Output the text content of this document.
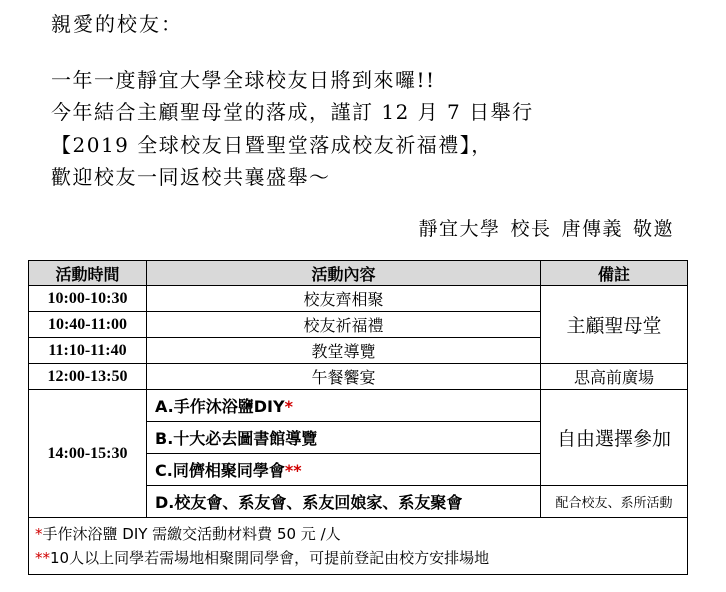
親愛的校友：
一年一度靜宜大學全球校友日將到來囉!!
今年結合主顧聖母堂的落成，謹訂 12 月 7 日舉行
【2019 全球校友日暨聖堂落成校友祈福禮】，
歡迎校友一同返校共襄盛舉～
靜宜大學 校長 唐傳義 敬邀
活動時間	活動內容	備註
10:00-10:30	校友齊相聚	主顧聖母堂
10:40-11:00	校友祈福禮	
11:10-11:40	教堂導覽	
12:00-13:50	午餐饗宴	思高前廣場
14:00-15:30	A.手作沐浴鹽DIY*	自由選擇參加
	B.十大必去圖書館導覽	
	C.同儕相聚同學會**	
	D.校友會、系友會、系友回娘家、系友聚會	配合校友、系所活動

*手作沐浴鹽 DIY 需繳交活動材料費 50 元 /人
**10人以上同學若需場地相聚開同學會，可提前登記由校方安排場地		
